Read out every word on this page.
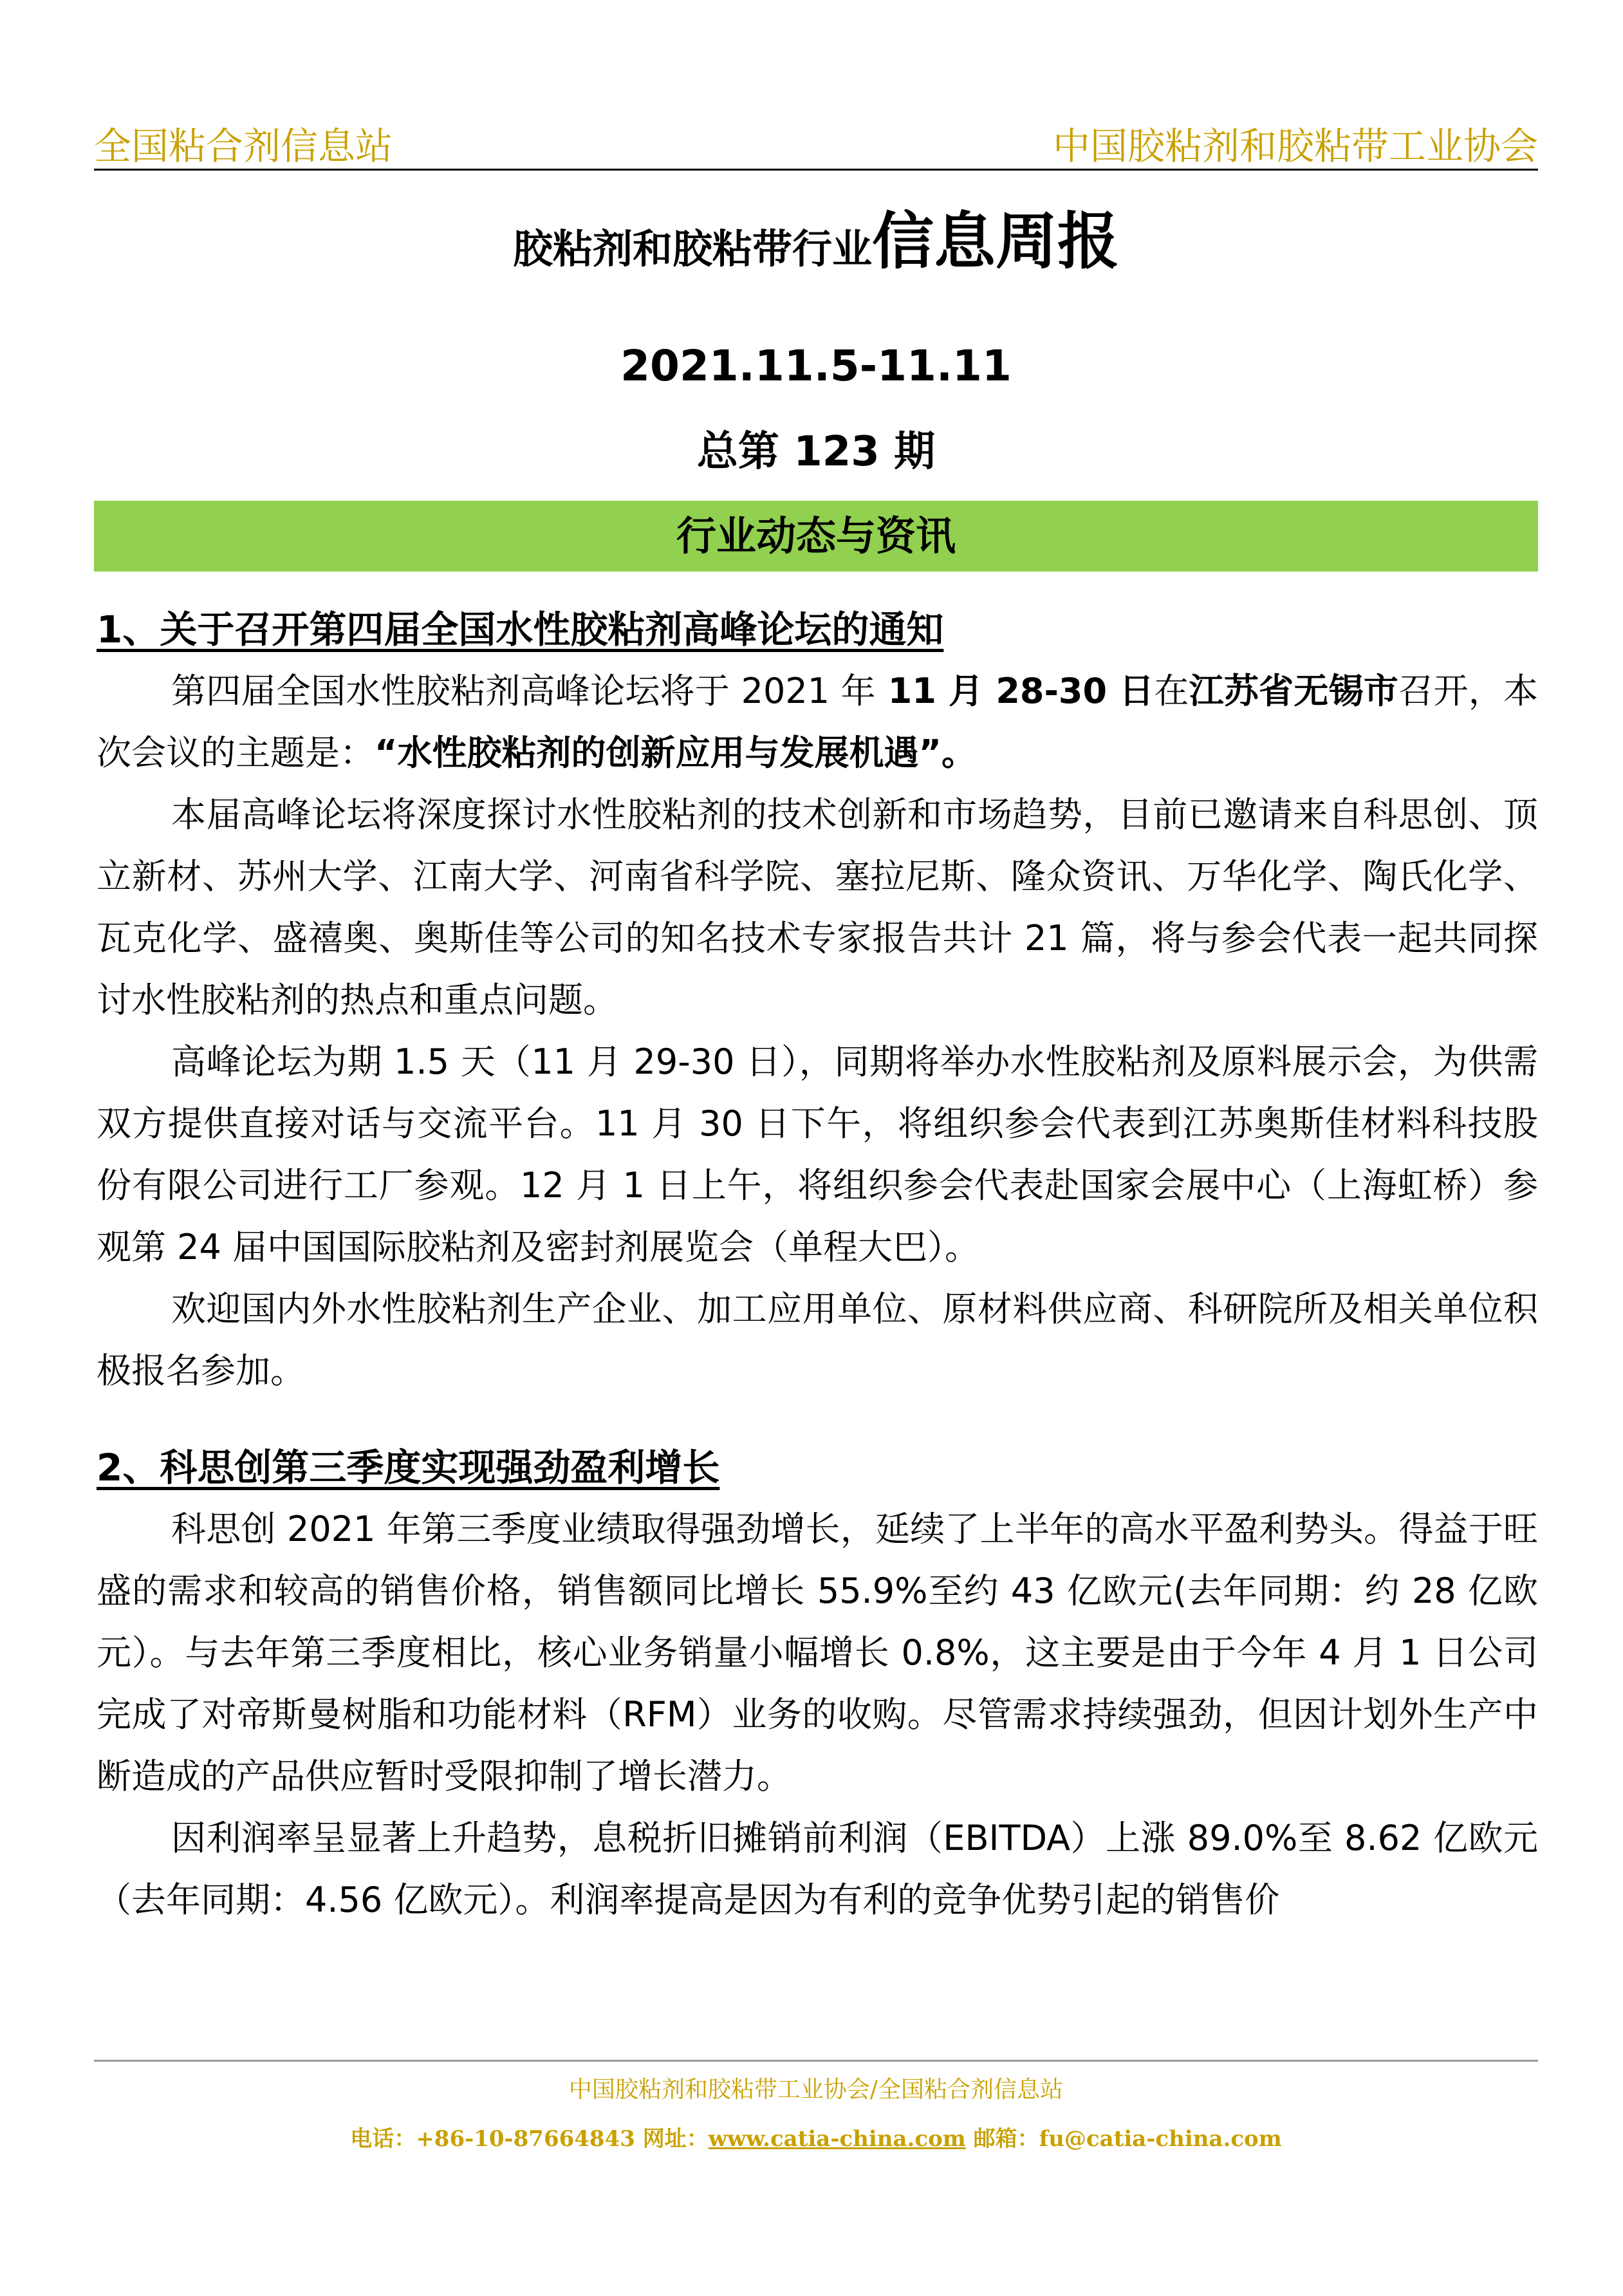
全国粘合剂信息站	中国胶粘剂和胶粘带工业协会
胶粘剂和胶粘带行业信息周报
2021.11.5-11.11
总第 123 期
行业动态与资讯

1、关于召开第四届全国水性胶粘剂高峰论坛的通知

第四届全国水性胶粘剂高峰论坛将于 2021 年 11 月 28-30 日在江苏省无锡市召开，本次会议的主题是：“水性胶粘剂的创新应用与发展机遇”。

本届高峰论坛将深度探讨水性胶粘剂的技术创新和市场趋势，目前已邀请来自科思创、顶立新材、苏州大学、江南大学、河南省科学院、塞拉尼斯、隆众资讯、万华化学、陶氏化学、瓦克化学、盛禧奥、奥斯佳等公司的知名技术专家报告共计 21 篇，将与参会代表一起共同探讨水性胶粘剂的热点和重点问题。

高峰论坛为期 1.5 天（11 月 29-30 日），同期将举办水性胶粘剂及原料展示会，为供需双方提供直接对话与交流平台。11 月 30 日下午，将组织参会代表到江苏奥斯佳材料科技股份有限公司进行工厂参观。12 月 1 日上午，将组织参会代表赴国家会展中心（上海虹桥）参观第 24 届中国国际胶粘剂及密封剂展览会（单程大巴）。

欢迎国内外水性胶粘剂生产企业、加工应用单位、原材料供应商、科研院所及相关单位积极报名参加。

2、科思创第三季度实现强劲盈利增长

科思创 2021 年第三季度业绩取得强劲增长，延续了上半年的高水平盈利势头。得益于旺盛的需求和较高的销售价格，销售额同比增长 55.9%至约 43 亿欧元(去年同期：约 28 亿欧元）。与去年第三季度相比，核心业务销量小幅增长 0.8%，这主要是由于今年 4 月 1 日公司完成了对帝斯曼树脂和功能材料（RFM）业务的收购。尽管需求持续强劲，但因计划外生产中断造成的产品供应暂时受限抑制了增长潜力。

因利润率呈显著上升趋势，息税折旧摊销前利润（EBITDA）上涨 89.0%至 8.62 亿欧元（去年同期：4.56 亿欧元）。利润率提高是因为有利的竞争优势引起的销售价

中国胶粘剂和胶粘带工业协会/全国粘合剂信息站
电话：+86-10-87664843 网址：www.catia-china.com 邮箱：fu@catia-china.com
